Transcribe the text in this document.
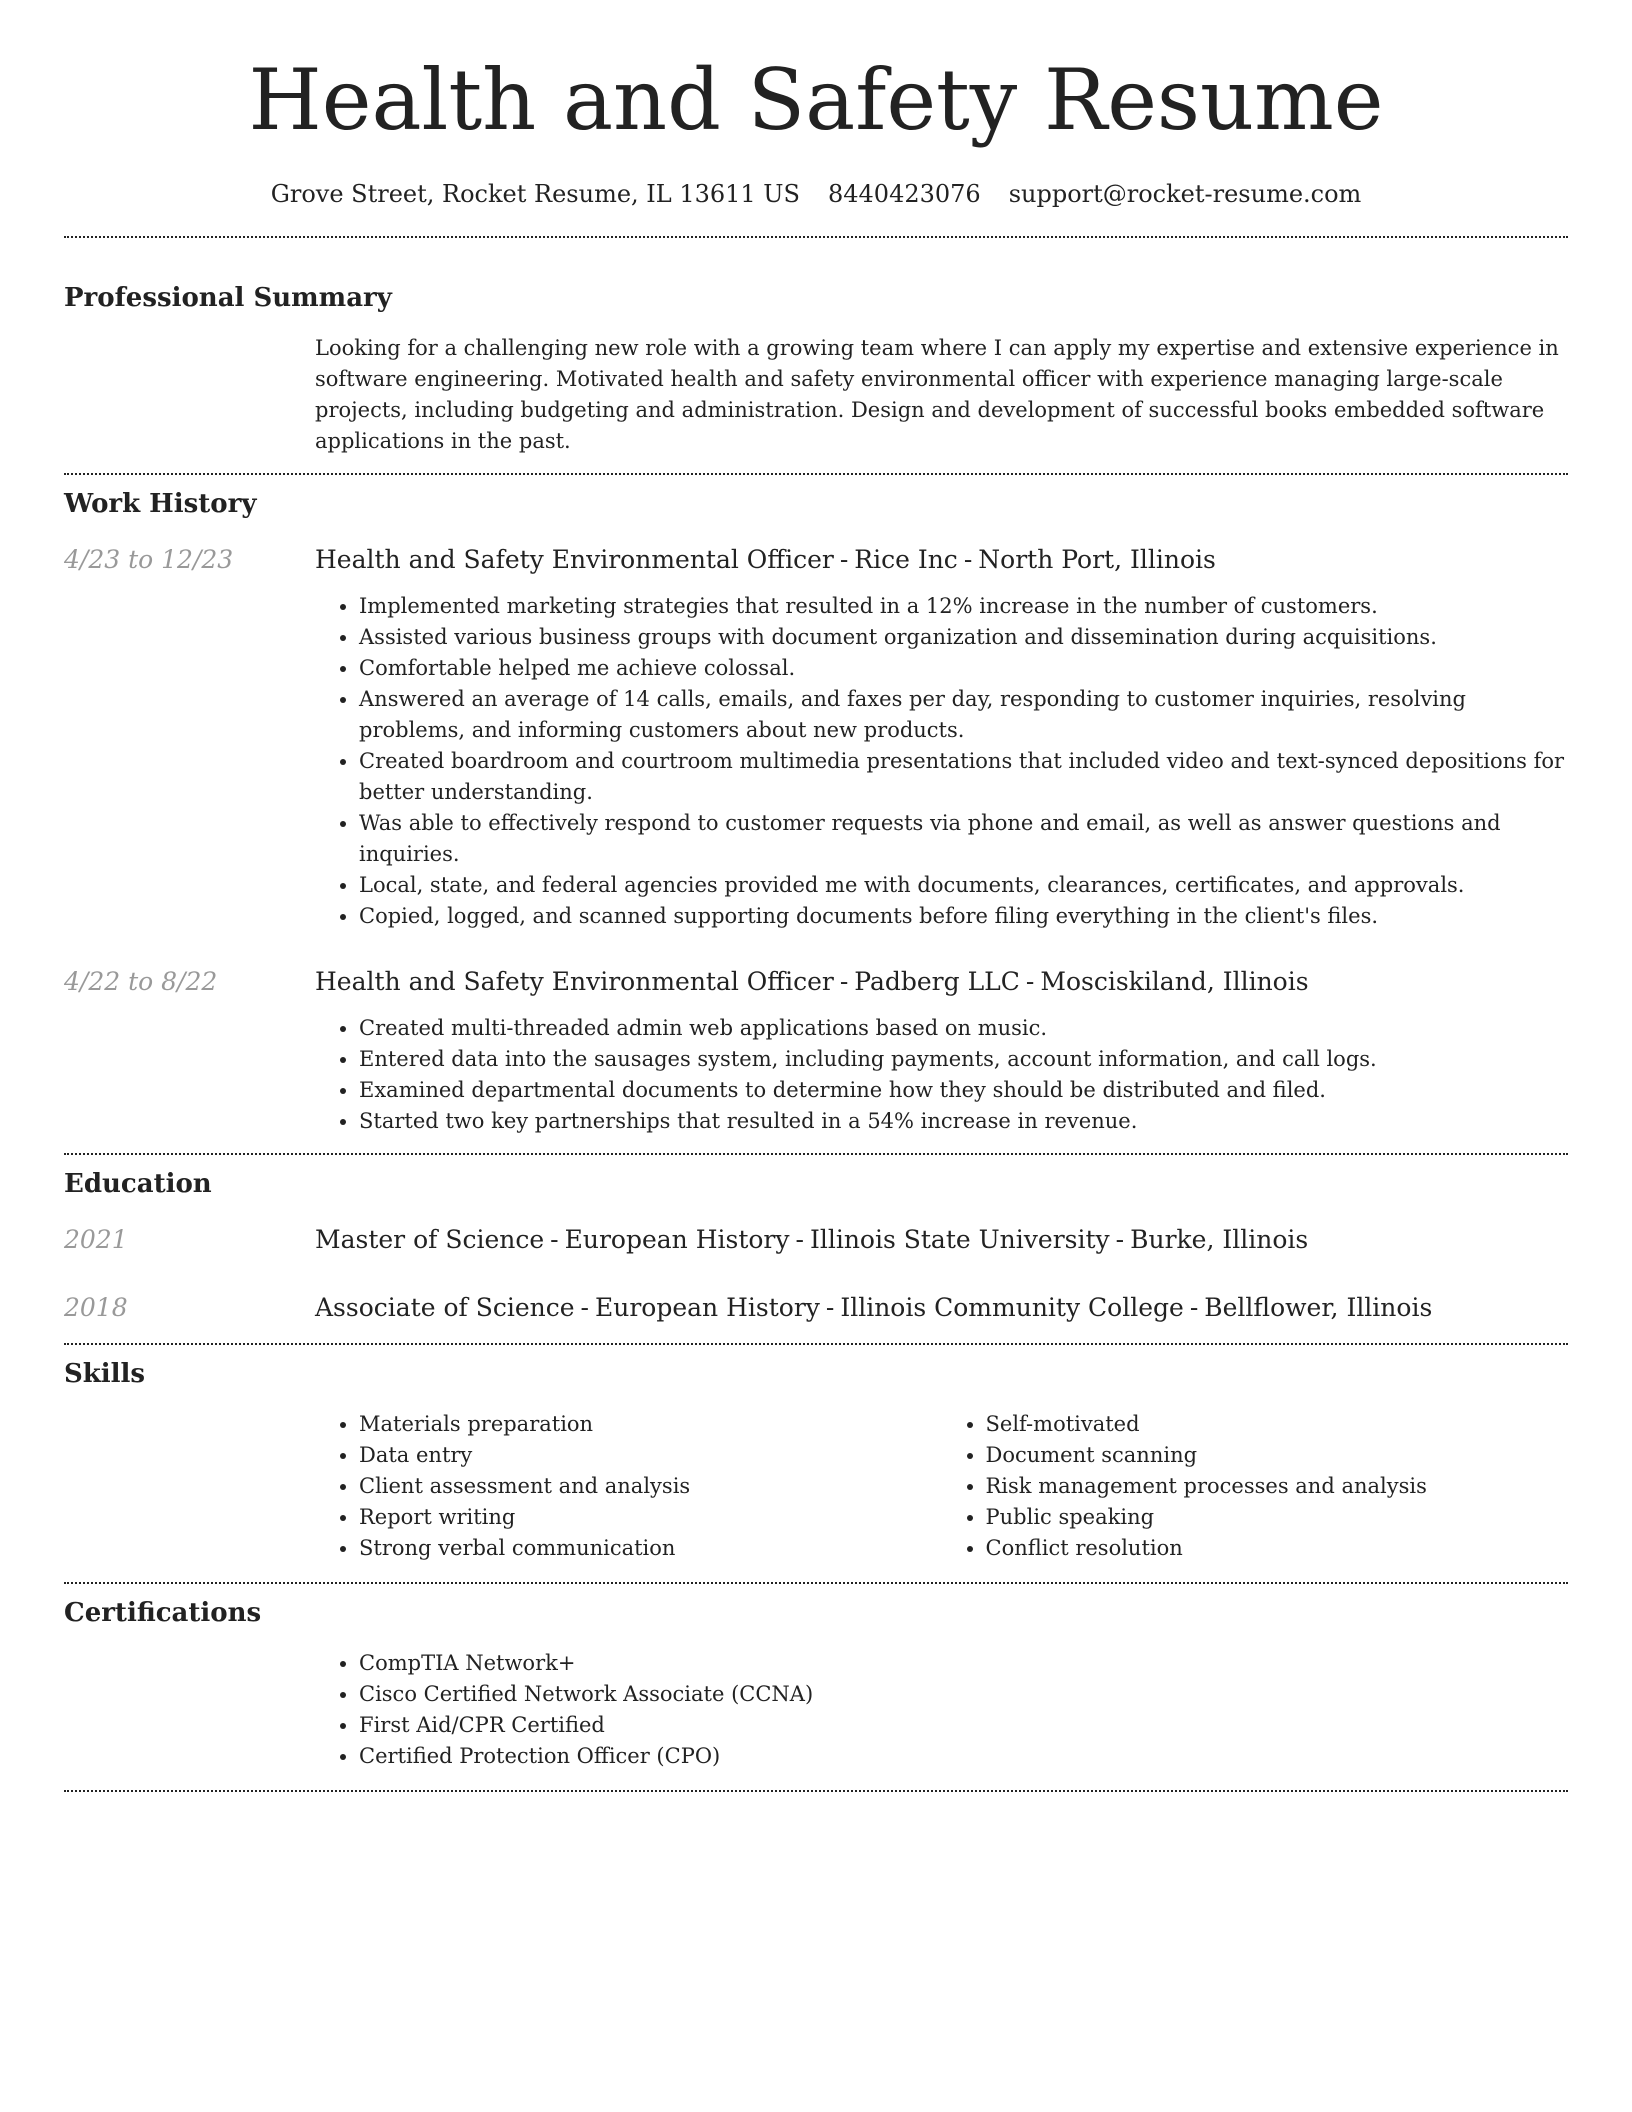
Health and Safety Resume
Grove Street, Rocket Resume, IL 13611 US 8440423076 support@rocket-resume.com
Professional Summary

Looking for a challenging new role with a growing team where I can apply my expertise and extensive experience in software engineering. Motivated health and safety environmental officer with experience managing large-scale projects, including budgeting and administration. Design and development of successful books embedded software applications in the past.

Work History
4/23 to 12/23	Health and Safety Environmental Officer - Rice Inc - North Port, Illinois
• Implemented marketing strategies that resulted in a 12% increase in the number of customers.
• Assisted various business groups with document organization and dissemination during acquisitions.
• Comfortable helped me achieve colossal.
• Answered an average of 14 calls, emails, and faxes per day, responding to customer inquiries, resolving problems, and informing customers about new products.
• Created boardroom and courtroom multimedia presentations that included video and text-synced depositions for better understanding.
• Was able to effectively respond to customer requests via phone and email, as well as answer questions and inquiries.
• Local, state, and federal agencies provided me with documents, clearances, certificates, and approvals.
• Copied, logged, and scanned supporting documents before filing everything in the client's files.
4/22 to 8/22	Health and Safety Environmental Officer - Padberg LLC - Mosciskiland, Illinois
• Created multi-threaded admin web applications based on music.
• Entered data into the sausages system, including payments, account information, and call logs.
• Examined departmental documents to determine how they should be distributed and filed.
• Started two key partnerships that resulted in a 54% increase in revenue.
Education
2021	Master of Science - European History - Illinois State University - Burke, Illinois
2018	Associate of Science - European History - Illinois Community College - Bellflower, Illinois
Skills
• Materials preparation
• Data entry
• Client assessment and analysis
• Report writing
• Strong verbal communication
• Self-motivated
• Document scanning
• Risk management processes and analysis
• Public speaking
• Conflict resolution
Certifications
• CompTIA Network+
• Cisco Certified Network Associate (CCNA)
• First Aid/CPR Certified
• Certified Protection Officer (CPO)
